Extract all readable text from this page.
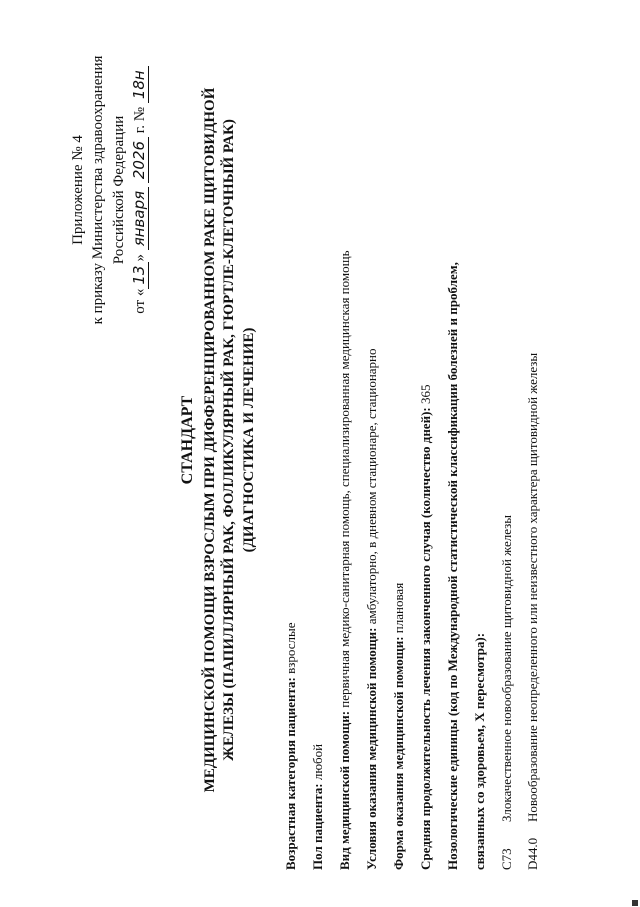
Приложение № 4 к приказу Министерства здравоохранения Российской Федерации
от «13» января 2026 г. № 18н
СТАНДАРТ МЕДИЦИНСКОЙ ПОМОЩИ ВЗРОСЛЫМ ПРИ ДИФФЕРЕНЦИРОВАННОМ РАКЕ ЩИТОВИДНОЙ ЖЕЛЕЗЫ (ПАПИЛЛЯРНЫЙ РАК, ФОЛЛИКУЛЯРНЫЙ РАК, ГЮРТЛЕ-КЛЕТОЧНЫЙ РАК) (ДИАГНОСТИКА И ЛЕЧЕНИЕ)
Возрастная категория пациента: взрослые
Пол пациента: любой Вид медицинской помощи: первичная медико-санитарная помощь, специализированная медицинская помощь
Условия оказания медицинской помощи: амбулаторно, в дневном стационаре, стационарно
Форма оказания медицинской помощи: плановая Средняя продолжительность лечения законченного случая (количество дней): 365 Нозологические единицы (код по Международной статистической классификации болезней и проблем, связанных со здоровьем, X пересмотра): C73
Злокачественное новообразование щитовидной железы
D44.0
Новообразование неопределенного или неизвестного характера щитовидной железы
